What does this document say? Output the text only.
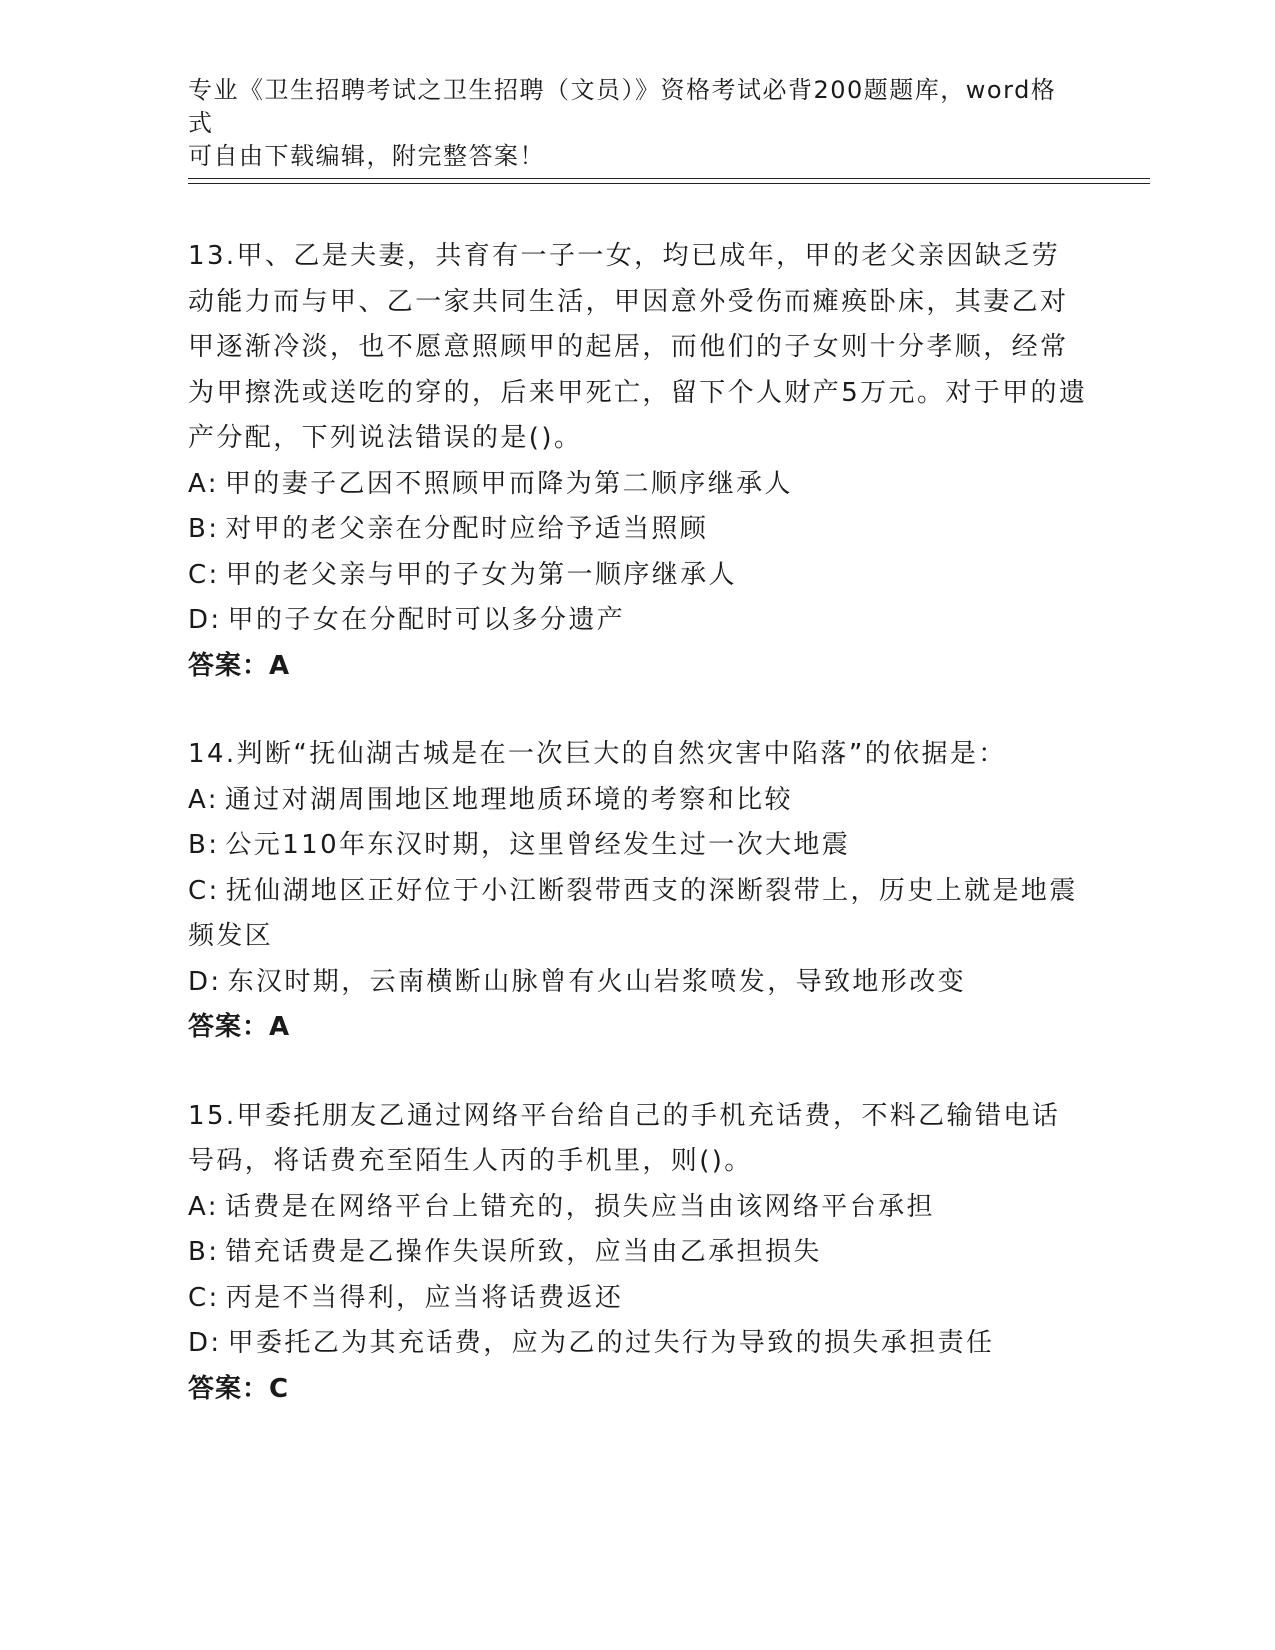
专业《卫生招聘考试之卫生招聘（文员）》资格考试必背200题题库，word格式
可自由下载编辑，附完整答案！

13.甲、乙是夫妻，共育有一子一女，均已成年，甲的老父亲因缺乏劳动能力而与甲、乙一家共同生活，甲因意外受伤而瘫痪卧床，其妻乙对甲逐渐冷淡，也不愿意照顾甲的起居，而他们的子女则十分孝顺，经常为甲擦洗或送吃的穿的，后来甲死亡，留下个人财产5万元。对于甲的遗产分配，下列说法错误的是()。

A: 甲的妻子乙因不照顾甲而降为第二顺序继承人

B: 对甲的老父亲在分配时应给予适当照顾

C: 甲的老父亲与甲的子女为第一顺序继承人

D: 甲的子女在分配时可以多分遗产

答案：A

14.判断“抚仙湖古城是在一次巨大的自然灾害中陷落”的依据是：

A: 通过对湖周围地区地理地质环境的考察和比较

B: 公元110年东汉时期，这里曾经发生过一次大地震

C: 抚仙湖地区正好位于小江断裂带西支的深断裂带上，历史上就是地震频发区

D: 东汉时期，云南横断山脉曾有火山岩浆喷发，导致地形改变

答案：A

15.甲委托朋友乙通过网络平台给自己的手机充话费，不料乙输错电话号码，将话费充至陌生人丙的手机里，则()。

A: 话费是在网络平台上错充的，损失应当由该网络平台承担

B: 错充话费是乙操作失误所致，应当由乙承担损失

C: 丙是不当得利，应当将话费返还

D: 甲委托乙为其充话费，应为乙的过失行为导致的损失承担责任

答案：C
